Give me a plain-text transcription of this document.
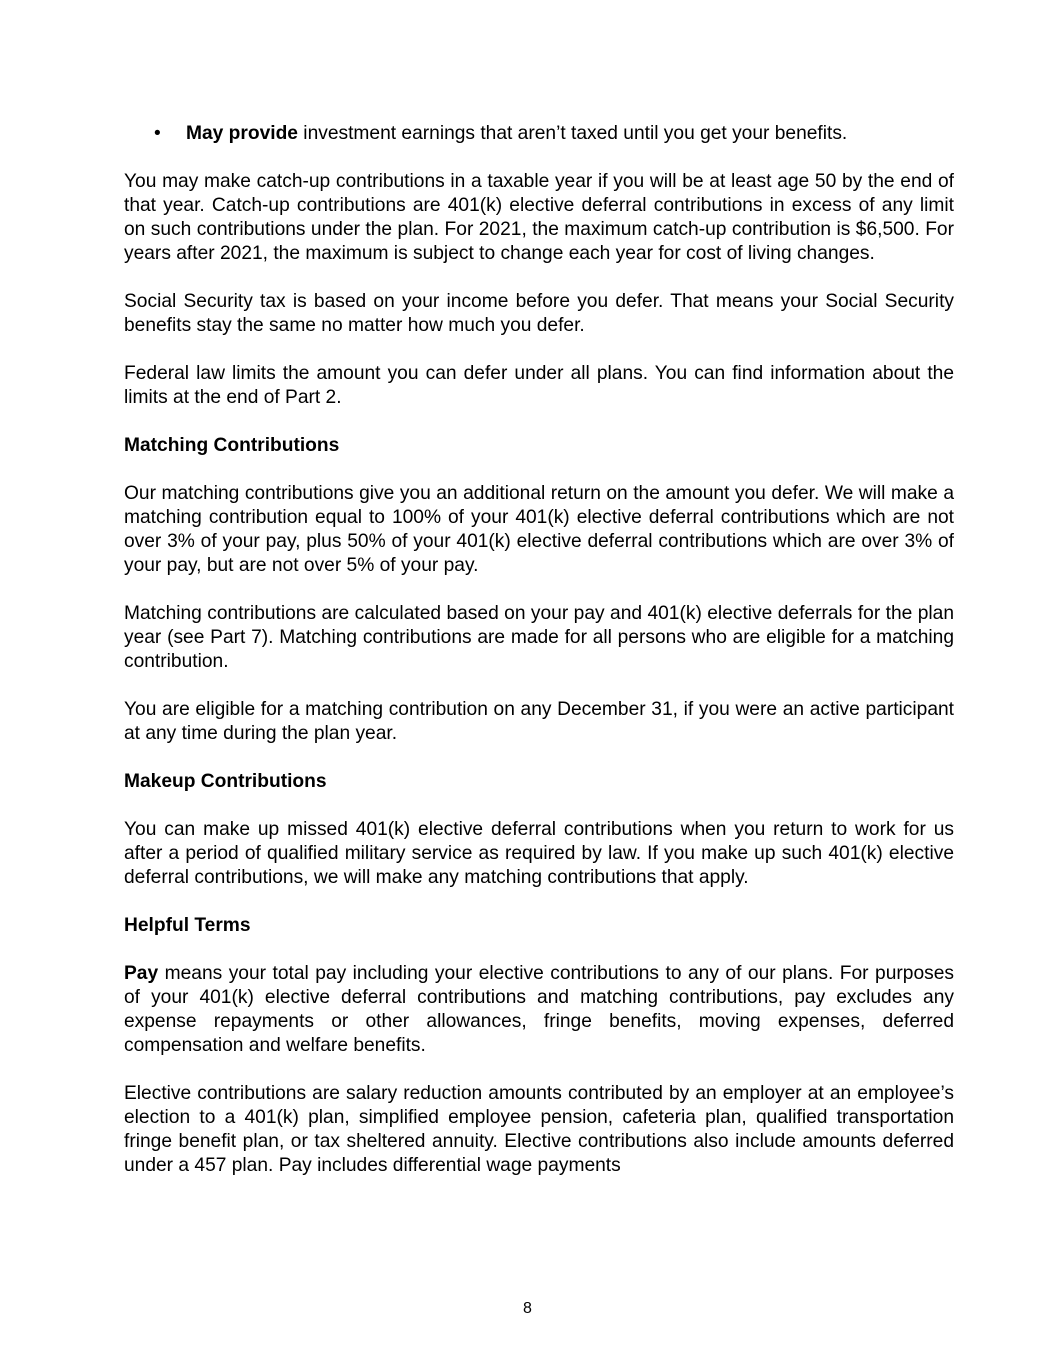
• May provide investment earnings that aren’t taxed until you get your benefits.

You may make catch-up contributions in a taxable year if you will be at least age 50 by the end of that year. Catch-up contributions are 401(k) elective deferral contributions in excess of any limit on such contributions under the plan. For 2021, the maximum catch-up contribution is $6,500. For years after 2021, the maximum is subject to change each year for cost of living changes.

Social Security tax is based on your income before you defer. That means your Social Security benefits stay the same no matter how much you defer.

Federal law limits the amount you can defer under all plans. You can find information about the limits at the end of Part 2.

Matching Contributions

Our matching contributions give you an additional return on the amount you defer. We will make a matching contribution equal to 100% of your 401(k) elective deferral contributions which are not over 3% of your pay, plus 50% of your 401(k) elective deferral contributions which are over 3% of your pay, but are not over 5% of your pay.

Matching contributions are calculated based on your pay and 401(k) elective deferrals for the plan year (see Part 7). Matching contributions are made for all persons who are eligible for a matching contribution.

You are eligible for a matching contribution on any December 31, if you were an active participant at any time during the plan year.

Makeup Contributions

You can make up missed 401(k) elective deferral contributions when you return to work for us after a period of qualified military service as required by law. If you make up such 401(k) elective deferral contributions, we will make any matching contributions that apply.

Helpful Terms

Pay means your total pay including your elective contributions to any of our plans. For purposes of your 401(k) elective deferral contributions and matching contributions, pay excludes any expense repayments or other allowances, fringe benefits, moving expenses, deferred compensation and welfare benefits.

Elective contributions are salary reduction amounts contributed by an employer at an employee’s election to a 401(k) plan, simplified employee pension, cafeteria plan, qualified transportation fringe benefit plan, or tax sheltered annuity. Elective contributions also include amounts deferred under a 457 plan. Pay includes differential wage payments

8
